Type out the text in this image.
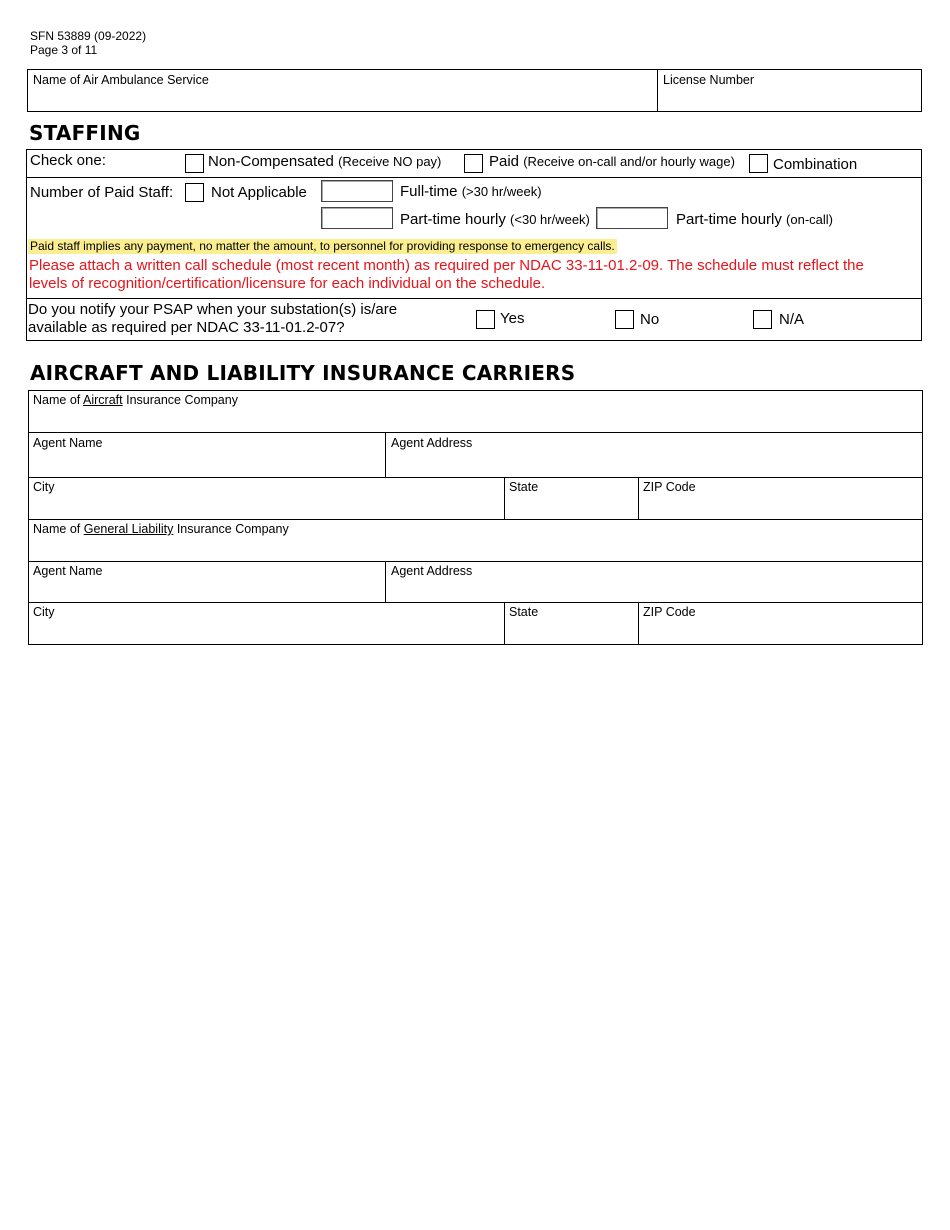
SFN 53889 (09-2022)
Page 3 of 11
Name of Air Ambulance Service	License Number
STAFFING
Check one:	Non-Compensated (Receive NO pay)	Paid (Receive on-call and/or hourly wage)	Combination
Number of Paid Staff:	Not Applicable	Full-time (>30 hr/week)
Part-time hourly (<30 hr/week)	Part-time hourly (on-call)
Paid staff implies any payment, no matter the amount, to personnel for providing response to emergency calls.
Please attach a written call schedule (most recent month) as required per NDAC 33-11-01.2-09. The schedule must reflect the
levels of recognition/certification/licensure for each individual on the schedule.
Do you notify your PSAP when your substation(s) is/are
available as required per NDAC 33-11-01.2-07?
Yes	No	N/A
AIRCRAFT AND LIABILITY INSURANCE CARRIERS
Name of Aircraft Insurance Company
Agent Name	Agent Address
City	State	ZIP Code
Name of General Liability Insurance Company
Agent Name	Agent Address
City	State	ZIP Code
